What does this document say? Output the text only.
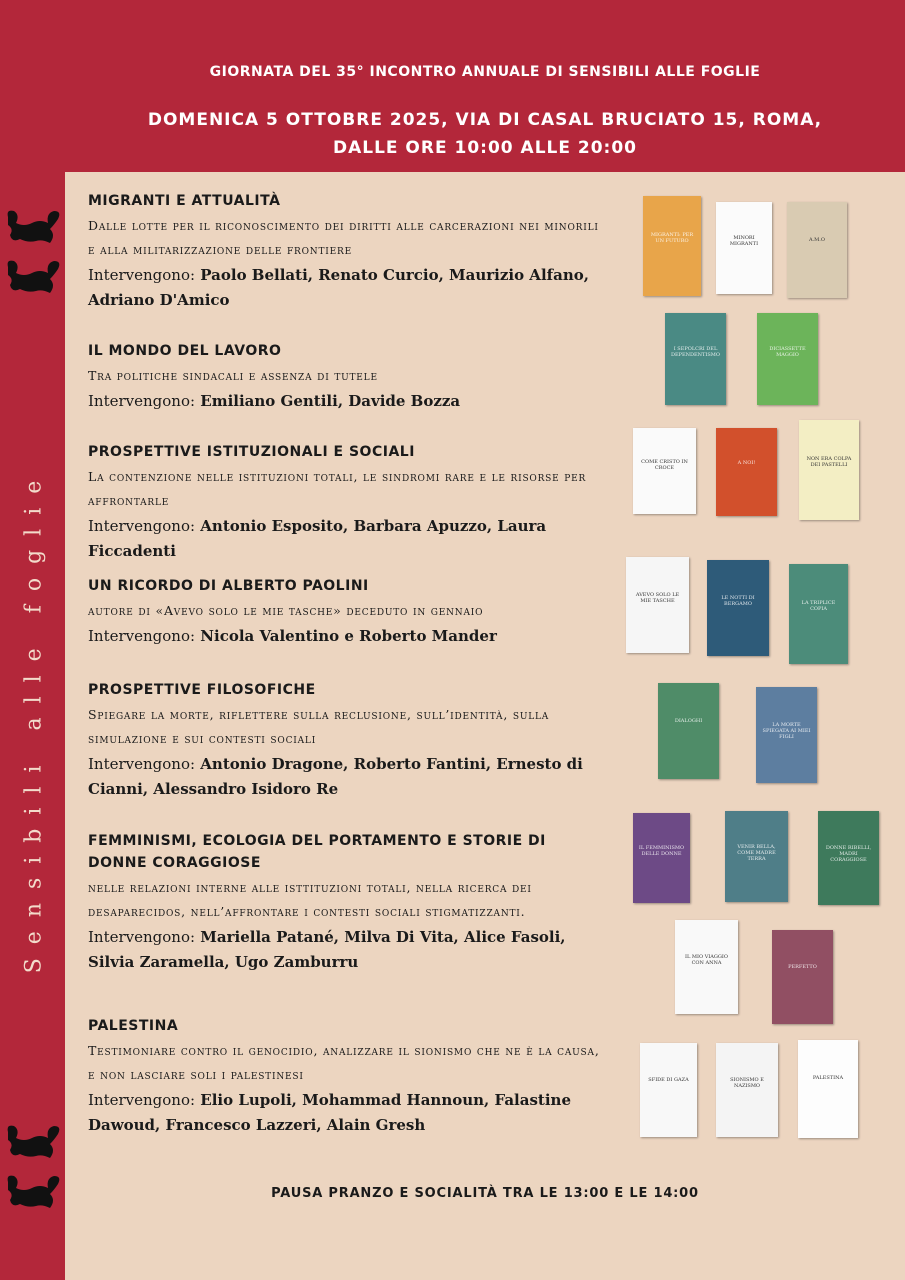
Sensibili alle foglie
GIORNATA DEL 35° INCONTRO ANNUALE DI SENSIBILI ALLE FOGLIE
DOMENICA 5 OTTOBRE 2025, VIA DI CASAL BRUCIATO 15, ROMA,
DALLE ORE 10:00 ALLE 20:00
MIGRANTI E ATTUALITÀ
Dalle lotte per il riconoscimento dei diritti alle carcerazioni nei minorili e alla militarizzazione delle frontiere
Intervengono: Paolo Bellati, Renato Curcio, Maurizio Alfano, Adriano D'Amico
IL MONDO DEL LAVORO
Tra politiche sindacali e assenza di tutele
Intervengono: Emiliano Gentili, Davide Bozza
PROSPETTIVE ISTITUZIONALI E SOCIALI
La contenzione nelle istituzioni totali, le sindromi rare e le risorse per affrontarle
Intervengono: Antonio Esposito, Barbara Apuzzo, Laura Ficcadenti
UN RICORDO DI ALBERTO PAOLINI
autore di «Avevo solo le mie tasche» deceduto in gennaio
Intervengono: Nicola Valentino e Roberto Mander
PROSPETTIVE FILOSOFICHE
Spiegare la morte, riflettere sulla reclusione, sull’identità, sulla simulazione e sui contesti sociali
Intervengono: Antonio Dragone, Roberto Fantini, Ernesto di Cianni, Alessandro Isidoro Re
FEMMINISMI, ECOLOGIA DEL PORTAMENTO E STORIE DI DONNE CORAGGIOSE
nelle relazioni interne alle isttituzioni totali, nella ricerca dei desaparecidos, nell’affrontare i contesti sociali stigmatizzanti.
Intervengono: Mariella Patané, Milva Di Vita, Alice Fasoli, Silvia Zaramella, Ugo Zamburru
PALESTINA
Testimoniare contro il genocidio, analizzare il sionismo che ne è la causa, e non lasciare soli i palestinesi
Intervengono: Elio Lupoli, Mohammad Hannoun, Falastine Dawoud, Francesco Lazzeri, Alain Gresh
MIGRANTI: PER UN FUTURO	MINORI MIGRANTI
A.M.O
I SEPOLCRI DEL DEPENDENTISMO
DICIASSETTE MAGGIO
COME CRISTO IN CROCE
A NOI!
NON ERA COLPA DEI PASTELLI
AVEVO SOLO LE MIE TASCHE	LE NOTTI DI BERGAMO	LA TRIPLICE COPIA
DIALOGHI
LA MORTE SPIEGATA AI MIEI FIGLI
IL FEMMINISMO DELLE DONNE
VENIR BELLA, COME MADRE TERRA
DONNE RIBELLI, MADRI CORAGGIOSE
IL MIO VIAGGIO CON ANNA
PERFETTO
SFIDE DI GAZA	SIONISMO E NAZISMO
PALESTINA
PAUSA PRANZO E SOCIALITÀ TRA LE 13:00 E LE 14:00
